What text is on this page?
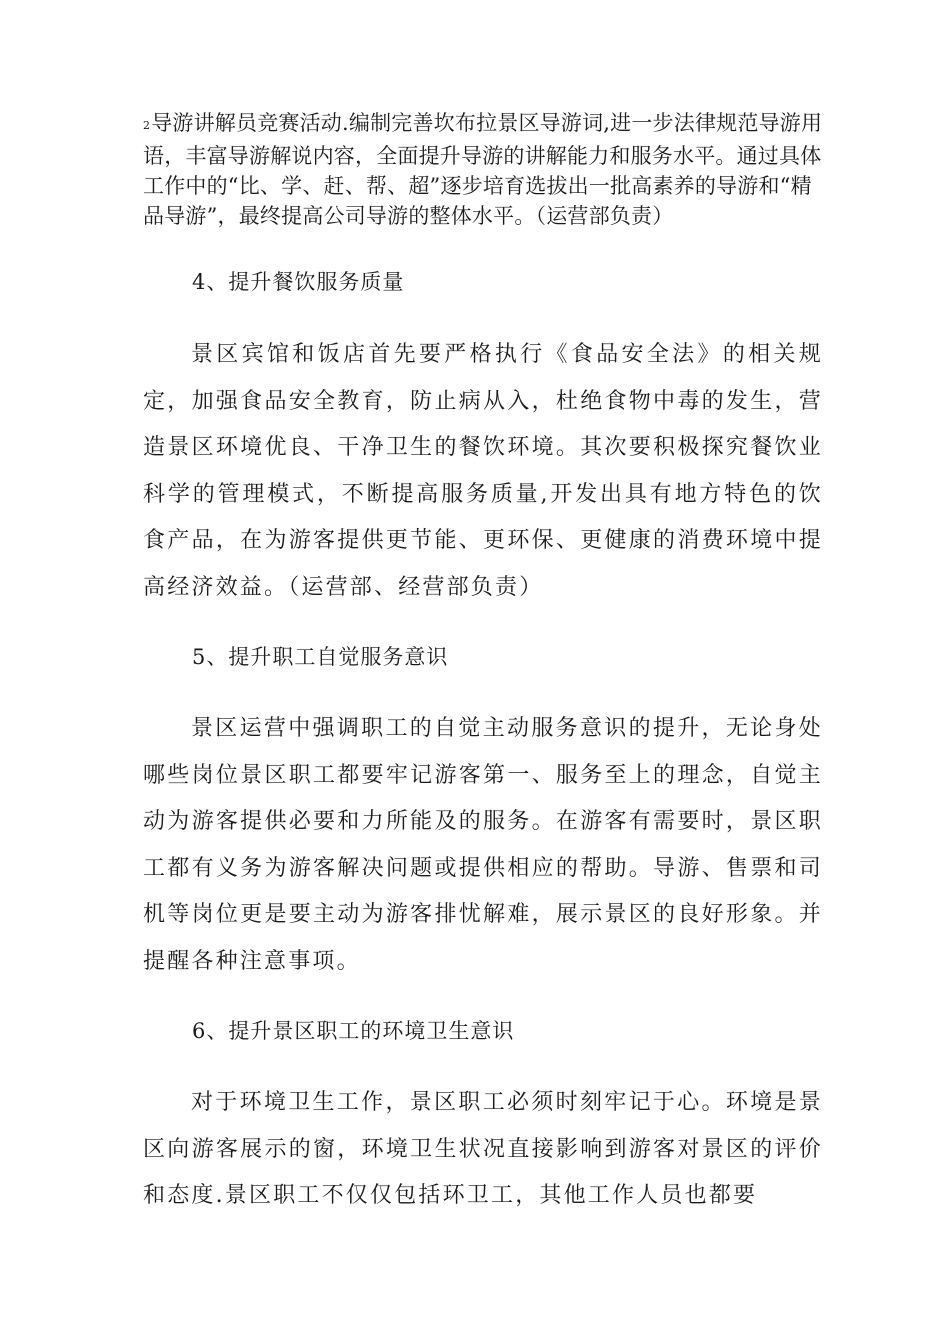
2导游讲解员竞赛活动.编制完善坎布拉景区导游词,进一步法律规范导游用语，丰富导游解说内容，全面提升导游的讲解能力和服务水平。通过具体工作中的“比、学、赶、帮、超”逐步培育选拔出一批高素养的导游和“精品导游”，最终提高公司导游的整体水平。（运营部负责）

4、提升餐饮服务质量

景区宾馆和饭店首先要严格执行《食品安全法》的相关规定，加强食品安全教育，防止病从入，杜绝食物中毒的发生，营造景区环境优良、干净卫生的餐饮环境。其次要积极探究餐饮业科学的管理模式，不断提高服务质量,开发出具有地方特色的饮食产品，在为游客提供更节能、更环保、更健康的消费环境中提高经济效益。（运营部、经营部负责）

5、提升职工自觉服务意识

景区运营中强调职工的自觉主动服务意识的提升，无论身处哪些岗位景区职工都要牢记游客第一、服务至上的理念，自觉主动为游客提供必要和力所能及的服务。在游客有需要时，景区职工都有义务为游客解决问题或提供相应的帮助。导游、售票和司机等岗位更是要主动为游客排忧解难，展示景区的良好形象。并提醒各种注意事项。

6、提升景区职工的环境卫生意识

对于环境卫生工作，景区职工必须时刻牢记于心。环境是景区向游客展示的窗，环境卫生状况直接影响到游客对景区的评价和态度.景区职工不仅仅包括环卫工，其他工作人员也都要
